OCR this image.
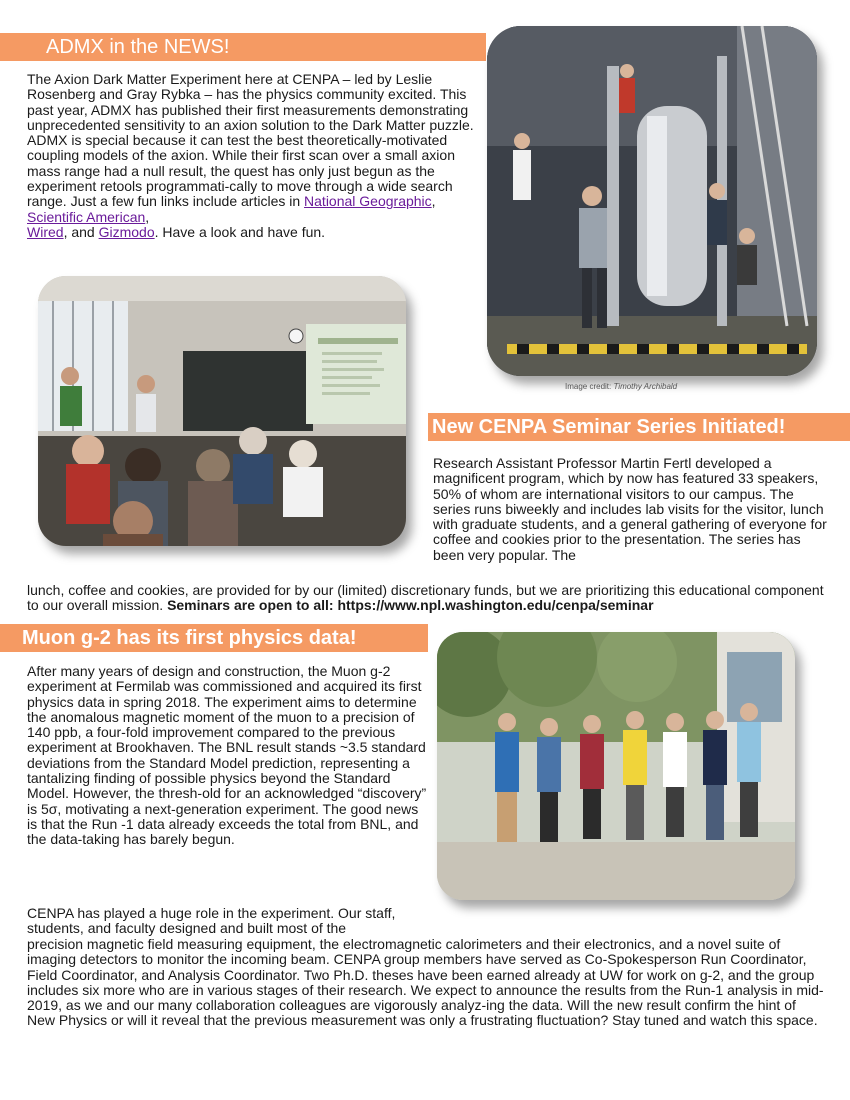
ADMX in the NEWS!

The Axion Dark Matter Experiment here at CENPA – led by Leslie Rosenberg and Gray Rybka – has the physics community excited. This past year, ADMX has published their first measurements demonstrating unprecedented sensitivity to an axion solution to the Dark Matter puzzle. ADMX is special because it can test the best theoretically-motivated coupling models of the axion. While their first scan over a small axion mass range had a null result, the quest has only just begun as the experiment retools programmati-cally to move through a wide search range. Just a few fun links include articles in National Geographic, Scientific American,
Wired, and Gizmodo. Have a look and have fun.

Image credit: Timothy Archibald
New CENPA Seminar Series Initiated!

Research Assistant Professor Martin Fertl developed a magnificent program, which by now has featured 33 speakers, 50% of whom are international visitors to our campus. The series runs biweekly and includes lab visits for the visitor, lunch with graduate students, and a general gathering of everyone for coffee and cookies prior to the presentation. The series has been very popular. The

lunch, coffee and cookies, are provided for by our (limited) discretionary funds, but we are prioritizing this educational component to our overall mission. Seminars are open to all: https://www.npl.washington.edu/cenpa/seminar

Muon g-2 has its first physics data!

After many years of design and construction, the Muon g-2 experiment at Fermilab was commissioned and acquired its first physics data in spring 2018. The experiment aims to determine the anomalous magnetic moment of the muon to a precision of 140 ppb, a four-fold improvement compared to the previous experiment at Brookhaven. The BNL result stands ~3.5 standard deviations from the Standard Model prediction, representing a tantalizing finding of possible physics beyond the Standard Model. However, the thresh-old for an acknowledged “discovery” is 5σ, motivating a next-generation experiment. The good news is that the Run -1 data already exceeds the total from BNL, and the data-taking has barely begun.

CENPA has played a huge role in the experiment. Our staff, students, and faculty designed and built most of the

precision magnetic field measuring equipment, the electromagnetic calorimeters and their electronics, and a novel suite of imaging detectors to monitor the incoming beam. CENPA group members have served as Co-Spokesperson Run Coordinator, Field Coordinator, and Analysis Coordinator. Two Ph.D. theses have been earned already at UW for work on g-2, and the group includes six more who are in various stages of their research. We expect to announce the results from the Run-1 analysis in mid-2019, as we and our many collaboration colleagues are vigorously analyz-ing the data. Will the new result confirm the hint of New Physics or will it reveal that the previous measurement was only a frustrating fluctuation? Stay tuned and watch this space.
